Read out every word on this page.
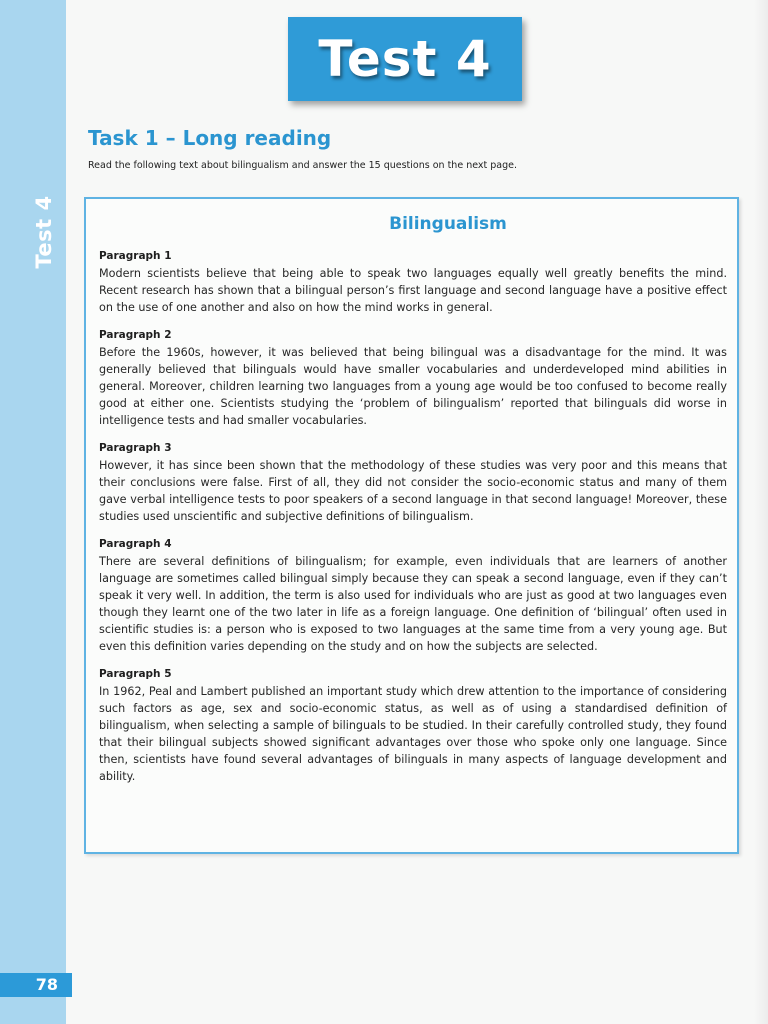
Test 4
78
Test 4
Task 1 – Long reading
Read the following text about bilingualism and answer the 15 questions on the next page.
Bilingualism
Paragraph 1
Modern scientists believe that being able to speak two languages equally well greatly benefits the mind. Recent research has shown that a bilingual person’s first language and second language have a positive effect on the use of one another and also on how the mind works in general.
Paragraph 2
Before the 1960s, however, it was believed that being bilingual was a disadvantage for the mind. It was generally believed that bilinguals would have smaller vocabularies and underdeveloped mind abilities in general. Moreover, children learning two languages from a young age would be too confused to become really good at either one. Scientists studying the ‘problem of bilingualism’ reported that bilinguals did worse in intelligence tests and had smaller vocabularies.
Paragraph 3
However, it has since been shown that the methodology of these studies was very poor and this means that their conclusions were false. First of all, they did not consider the socio-economic status and many of them gave verbal intelligence tests to poor speakers of a second language in that second language! Moreover, these studies used unscientific and subjective definitions of bilingualism.
Paragraph 4
There are several definitions of bilingualism; for example, even individuals that are learners of another language are sometimes called bilingual simply because they can speak a second language, even if they can’t speak it very well. In addition, the term is also used for individuals who are just as good at two languages even though they learnt one of the two later in life as a foreign language. One definition of ‘bilingual’ often used in scientific studies is: a person who is exposed to two languages at the same time from a very young age. But even this definition varies depending on the study and on how the subjects are selected.
Paragraph 5
In 1962, Peal and Lambert published an important study which drew attention to the importance of considering such factors as age, sex and socio-economic status, as well as of using a standardised definition of bilingualism, when selecting a sample of bilinguals to be studied. In their carefully controlled study, they found that their bilingual subjects showed significant advantages over those who spoke only one language. Since then, scientists have found several advantages of bilinguals in many aspects of language development and ability.
